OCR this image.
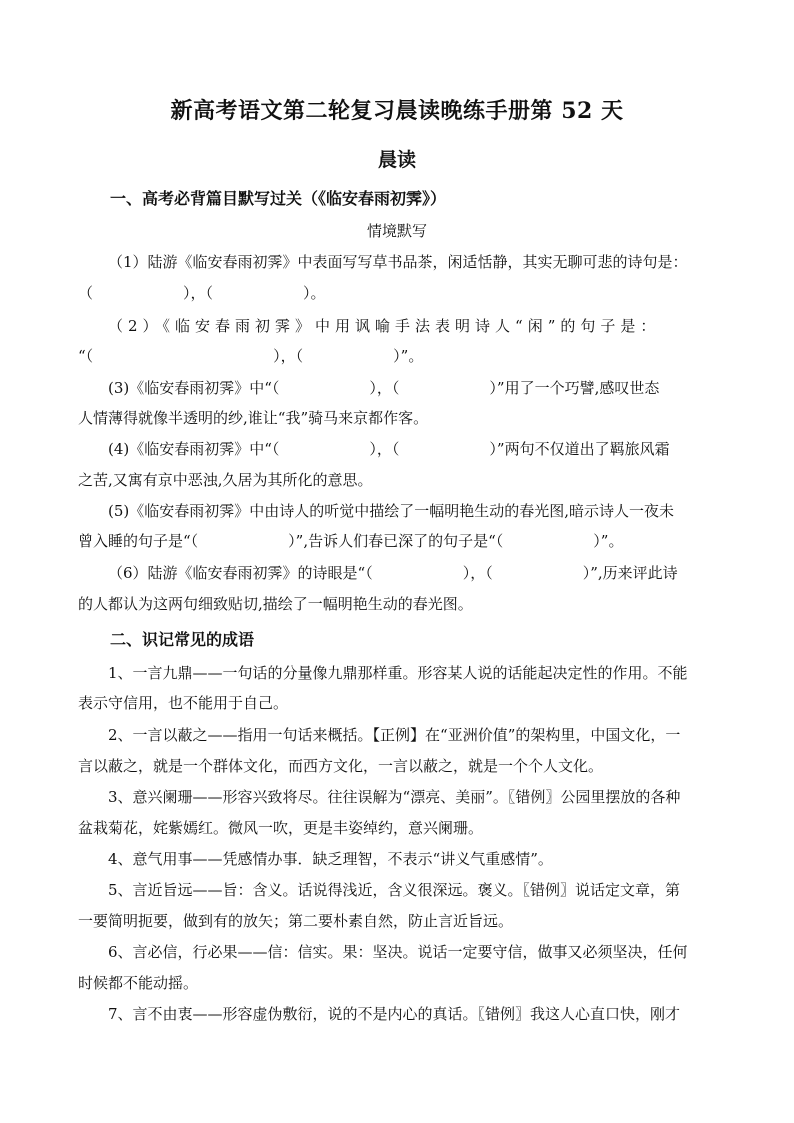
新高考语文第二轮复习晨读晚练手册第 52 天
晨读
一、高考必背篇目默写过关（《临安春雨初霁》）
情境默写
（1）陆游《临安春雨初霁》中表面写写草书品茶，闲适恬静，其实无聊可悲的诗句是：
（　　　　　　），（　　　　　　）。
（2）《临安春雨初霁》中用讽喻手法表明诗人“闲”的句子是：
“（　　　　　　　　　　　　），（　　　　　　）”。
(3)《临安春雨初霁》中“（　　　　　　），（　　　　　　）”用了一个巧譬,感叹世态
人情薄得就像半透明的纱,谁让“我”骑马来京都作客。
(4)《临安春雨初霁》中“（　　　　　　），（　　　　　　）”两句不仅道出了羁旅风霜
之苦,又寓有京中恶浊,久居为其所化的意思。
(5)《临安春雨初霁》中由诗人的听觉中描绘了一幅明艳生动的春光图,暗示诗人一夜未
曾入睡的句子是“（　　　　　　）”,告诉人们春已深了的句子是“（　　　　　　）”。
（6）陆游《临安春雨初霁》的诗眼是“（　　　　　　），（　　　　　　）”,历来评此诗
的人都认为这两句细致贴切,描绘了一幅明艳生动的春光图。
二、识记常见的成语
1、一言九鼎——一句话的分量像九鼎那样重。形容某人说的话能起决定性的作用。不能
表示守信用，也不能用于自己。
2、一言以蔽之——指用一句话来概括。【正例】在“亚洲价值”的架构里，中国文化，一
言以蔽之，就是一个群体文化，而西方文化，一言以蔽之，就是一个个人文化。
3、意兴阑珊——形容兴致将尽。往往误解为“漂亮、美丽”。〖错例〗公园里摆放的各种
盆栽菊花，姹紫嫣红。微风一吹，更是丰姿绰约，意兴阑珊。
4、意气用事——凭感情办事．缺乏理智，不表示“讲义气重感情”。
5、言近旨远——旨：含义。话说得浅近，含义很深远。褒义。〖错例〗说话定文章，第
一要简明扼要，做到有的放矢；第二要朴素自然，防止言近旨远。
6、言必信，行必果——信：信实。果：坚决。说话一定要守信，做事又必须坚决，任何
时候都不能动摇。
7、言不由衷——形容虚伪敷衍，说的不是内心的真话。〖错例〗我这人心直口快，刚才
